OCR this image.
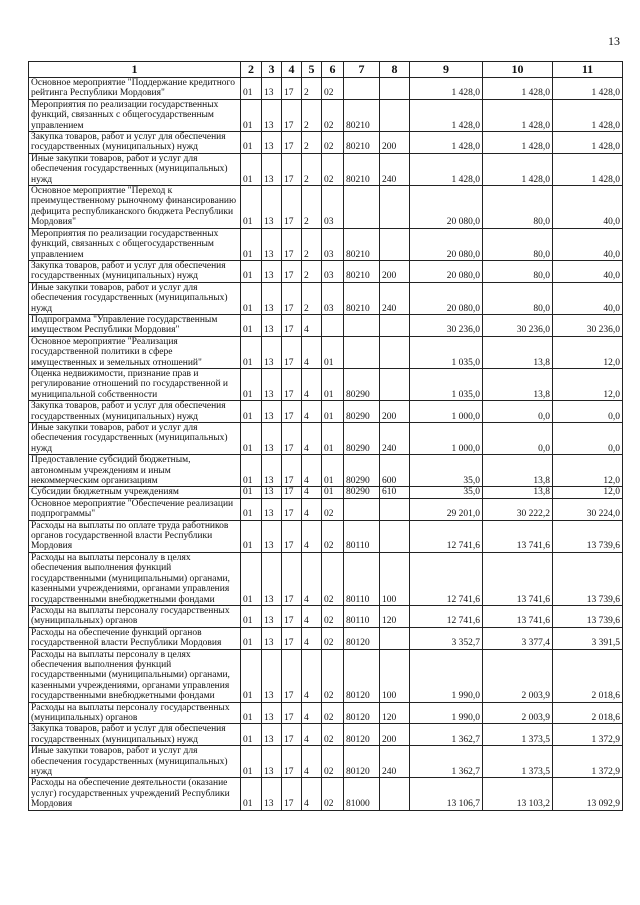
13
1	2	3	4	5	6	7	8	9	10	11
Основное мероприятие "Поддержание кредитного рейтинга Республики Мордовия"	01	13	17	2	02			1 428,0	1 428,0	1 428,0
Мероприятия по реализации государственных функций, связанных с общегосударственным управлением	01	13	17	2	02	80210		1 428,0	1 428,0	1 428,0
Закупка товаров, работ и услуг для обеспечения государственных (муниципальных) нужд	01	13	17	2	02	80210	200	1 428,0	1 428,0	1 428,0
Иные закупки товаров, работ и услуг для обеспечения государственных (муниципальных) нужд	01	13	17	2	02	80210	240	1 428,0	1 428,0	1 428,0
Основное мероприятие "Переход к преимущественному рыночному финансированию дефицита республиканского бюджета Республики Мордовия"	01	13	17	2	03			20 080,0	80,0	40,0
Мероприятия по реализации государственных функций, связанных с общегосударственным управлением	01	13	17	2	03	80210		20 080,0	80,0	40,0
Закупка товаров, работ и услуг для обеспечения государственных (муниципальных) нужд	01	13	17	2	03	80210	200	20 080,0	80,0	40,0
Иные закупки товаров, работ и услуг для обеспечения государственных (муниципальных) нужд	01	13	17	2	03	80210	240	20 080,0	80,0	40,0
Подпрограмма "Управление государственным имуществом Республики Мордовия"	01	13	17	4				30 236,0	30 236,0	30 236,0
Основное мероприятие "Реализация государственной политики в сфере имущественных и земельных отношений"	01	13	17	4	01			1 035,0	13,8	12,0
Оценка недвижимости, признание прав и регулирование отношений по государственной и муниципальной собственности	01	13	17	4	01	80290		1 035,0	13,8	12,0
Закупка товаров, работ и услуг для обеспечения государственных (муниципальных) нужд	01	13	17	4	01	80290	200	1 000,0	0,0	0,0
Иные закупки товаров, работ и услуг для обеспечения государственных (муниципальных) нужд	01	13	17	4	01	80290	240	1 000,0	0,0	0,0
Предоставление субсидий бюджетным, автономным учреждениям и иным некоммерческим организациям	01	13	17	4	01	80290	600	35,0	13,8	12,0
Субсидии бюджетным учреждениям	01	13	17	4	01	80290	610	35,0	13,8	12,0
Основное мероприятие "Обеспечение реализации подпрограммы"	01	13	17	4	02			29 201,0	30 222,2	30 224,0
Расходы на выплаты по оплате труда работников органов государственной власти Республики Мордовия	01	13	17	4	02	80110		12 741,6	13 741,6	13 739,6
Расходы на выплаты персоналу в целях обеспечения выполнения функций государственными (муниципальными) органами, казенными учреждениями, органами управления государственными внебюджетными фондами	01	13	17	4	02	80110	100	12 741,6	13 741,6	13 739,6
Расходы на выплаты персоналу государственных (муниципальных) органов	01	13	17	4	02	80110	120	12 741,6	13 741,6	13 739,6
Расходы на обеспечение функций органов государственной власти Республики Мордовия	01	13	17	4	02	80120		3 352,7	3 377,4	3 391,5
Расходы на выплаты персоналу в целях обеспечения выполнения функций государственными (муниципальными) органами, казенными учреждениями, органами управления государственными внебюджетными фондами	01	13	17	4	02	80120	100	1 990,0	2 003,9	2 018,6
Расходы на выплаты персоналу государственных (муниципальных) органов	01	13	17	4	02	80120	120	1 990,0	2 003,9	2 018,6
Закупка товаров, работ и услуг для обеспечения государственных (муниципальных) нужд	01	13	17	4	02	80120	200	1 362,7	1 373,5	1 372,9
Иные закупки товаров, работ и услуг для обеспечения государственных (муниципальных) нужд	01	13	17	4	02	80120	240	1 362,7	1 373,5	1 372,9
Расходы на обеспечение деятельности (оказание услуг) государственных учреждений Республики Мордовия	01	13	17	4	02	81000		13 106,7	13 103,2	13 092,9
